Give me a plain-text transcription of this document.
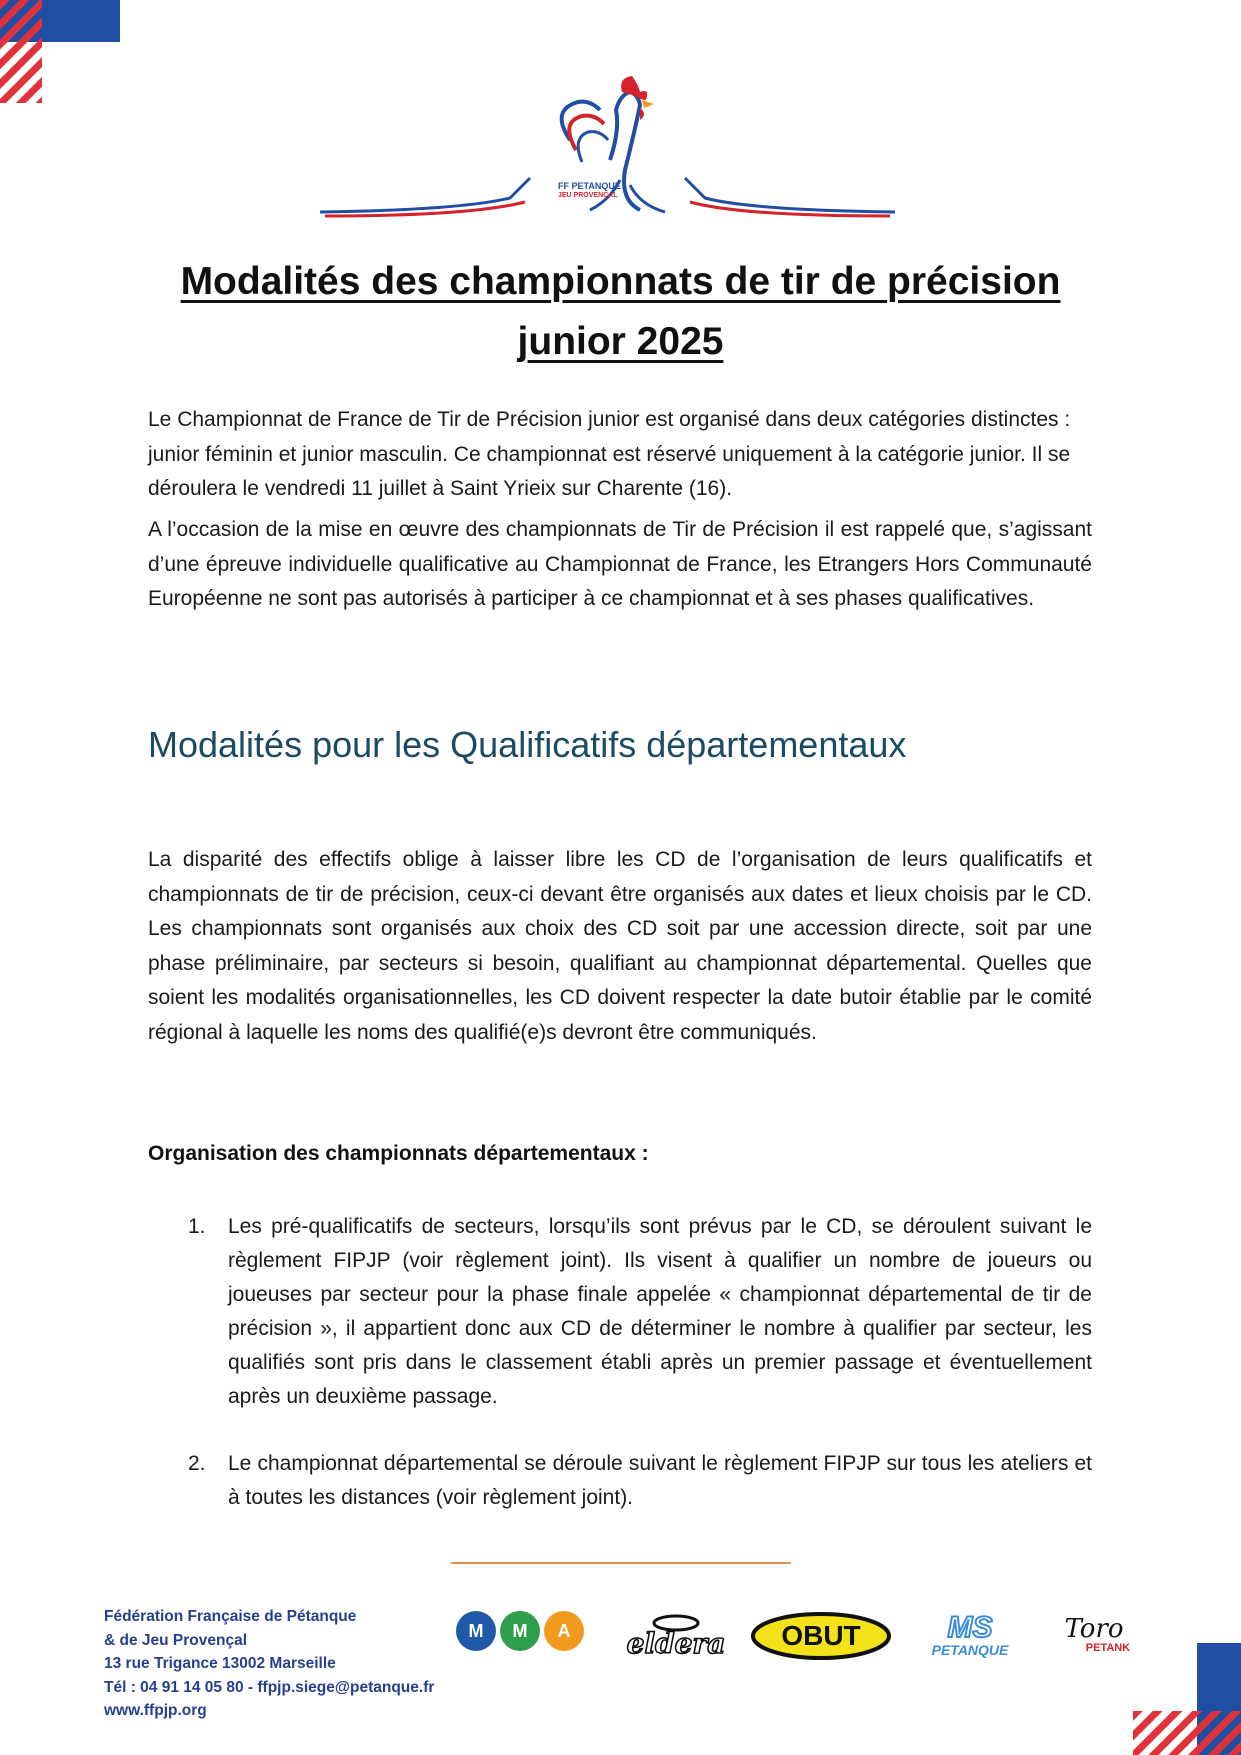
FF PETANQUE
JEU PROVENÇAL
Modalités des championnats de tir de précision junior 2025

Le Championnat de France de Tir de Précision junior est organisé dans deux catégories distinctes : junior féminin et junior masculin. Ce championnat est réservé uniquement à la catégorie junior. Il se déroulera le vendredi 11 juillet à Saint Yrieix sur Charente (16).

A l’occasion de la mise en œuvre des championnats de Tir de Précision il est rappelé que, s’agissant d’une épreuve individuelle qualificative au Championnat de France, les Etrangers Hors Communauté Européenne ne sont pas autorisés à participer à ce championnat et à ses phases qualificatives.

Modalités pour les Qualificatifs départementaux

La disparité des effectifs oblige à laisser libre les CD de l’organisation de leurs qualificatifs et championnats de tir de précision, ceux-ci devant être organisés aux dates et lieux choisis par le CD. Les championnats sont organisés aux choix des CD soit par une accession directe, soit par une phase préliminaire, par secteurs si besoin, qualifiant au championnat départemental. Quelles que soient les modalités organisationnelles, les CD doivent respecter la date butoir établie par le comité régional à laquelle les noms des qualifié(e)s devront être communiqués.

Organisation des championnats départementaux :
1. Les pré-qualificatifs de secteurs, lorsqu’ils sont prévus par le CD, se déroulent suivant le règlement FIPJP (voir règlement joint). Ils visent à qualifier un nombre de joueurs ou joueuses par secteur pour la phase finale appelée « championnat départemental de tir de précision », il appartient donc aux CD de déterminer le nombre à qualifier par secteur, les qualifiés sont pris dans le classement établi après un premier passage et éventuellement après un deuxième passage.
2. Le championnat départemental se déroule suivant le règlement FIPJP sur tous les ateliers et à toutes les distances (voir règlement joint).
Fédération Française de Pétanque
& de Jeu Provençal
13 rue Trigance 13002 Marseille
Tél : 04 91 14 05 80 - ffpjp.siege@petanque.fr
www.ffpjp.org
M	M	A	eldera OBUT	MS
PETANQUE
Toro
PETANK
